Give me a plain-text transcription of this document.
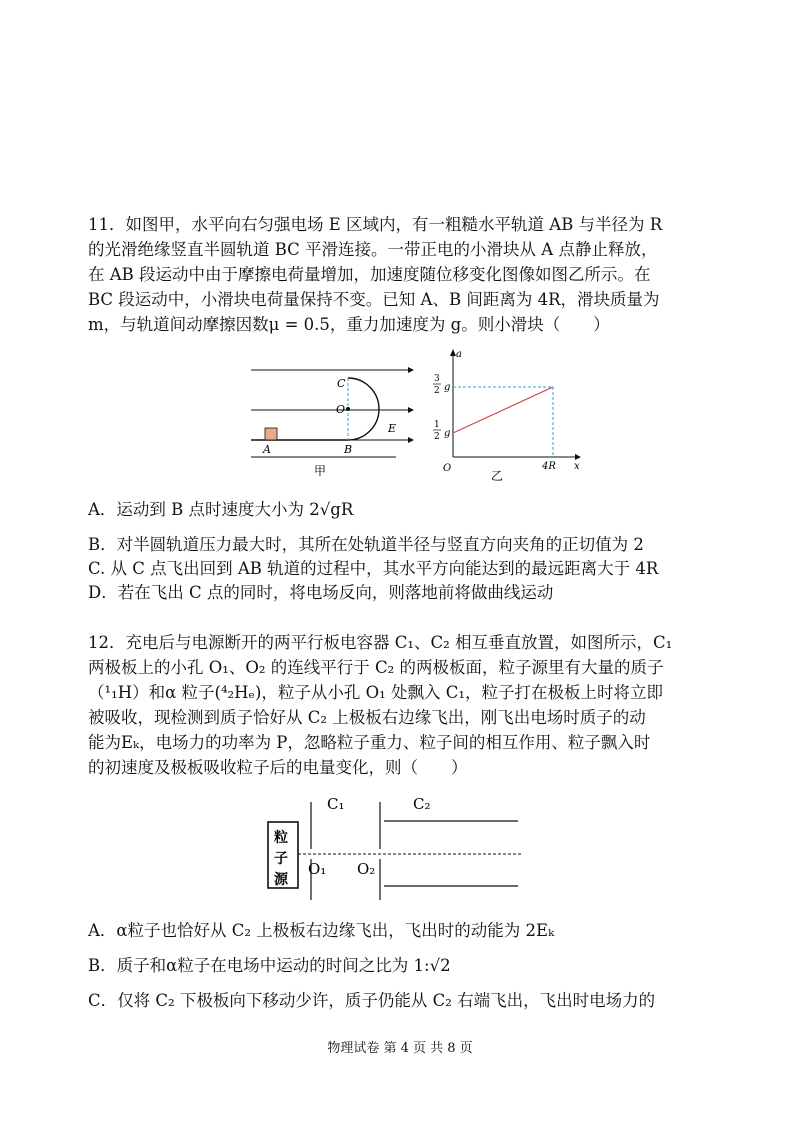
11．如图甲，水平向右匀强电场 E 区域内，有一粗糙水平轨道 AB 与半径为 R
的光滑绝缘竖直半圆轨道 BC 平滑连接。一带正电的小滑块从 A 点静止释放，
在 AB 段运动中由于摩擦电荷量增加，加速度随位移变化图像如图乙所示。在
BC 段运动中，小滑块电荷量保持不变。已知 A、B 间距离为 4R，滑块质量为
m，与轨道间动摩擦因数μ = 0.5，重力加速度为 g。则小滑块（　　）
A	B
C
O
E
甲
a
x
O
3
2 g
1
2 g
4R
乙
A．运动到 B 点时速度大小为 2√gR
B．对半圆轨道压力最大时，其所在处轨道半径与竖直方向夹角的正切值为 2
C. 从 C 点飞出回到 AB 轨道的过程中，其水平方向能达到的最远距离大于 4R
D．若在飞出 C 点的同时，将电场反向，则落地前将做曲线运动
12．充电后与电源断开的两平行板电容器 C₁、C₂ 相互垂直放置，如图所示，C₁
两极板上的小孔 O₁、O₂ 的连线平行于 C₂ 的两极板面，粒子源里有大量的质子
（¹₁H）和α 粒子(⁴₂Hₑ)，粒子从小孔 O₁ 处飘入 C₁，粒子打在极板上时将立即
被吸收，现检测到质子恰好从 C₂ 上极板右边缘飞出，刚飞出电场时质子的动
能为Eₖ，电场力的功率为 P，忽略粒子重力、粒子间的相互作用、粒子飘入时
的初速度及极板吸收粒子后的电量变化，则（　　）
粒
子
源
C₁	C₂
O₁ O₂
A．α粒子也恰好从 C₂ 上极板右边缘飞出，飞出时的动能为 2Eₖ
B．质子和α粒子在电场中运动的时间之比为 1:√2
C．仅将 C₂ 下极板向下移动少许，质子仍能从 C₂ 右端飞出，飞出时电场力的
物理试卷 第 4 页 共 8 页
